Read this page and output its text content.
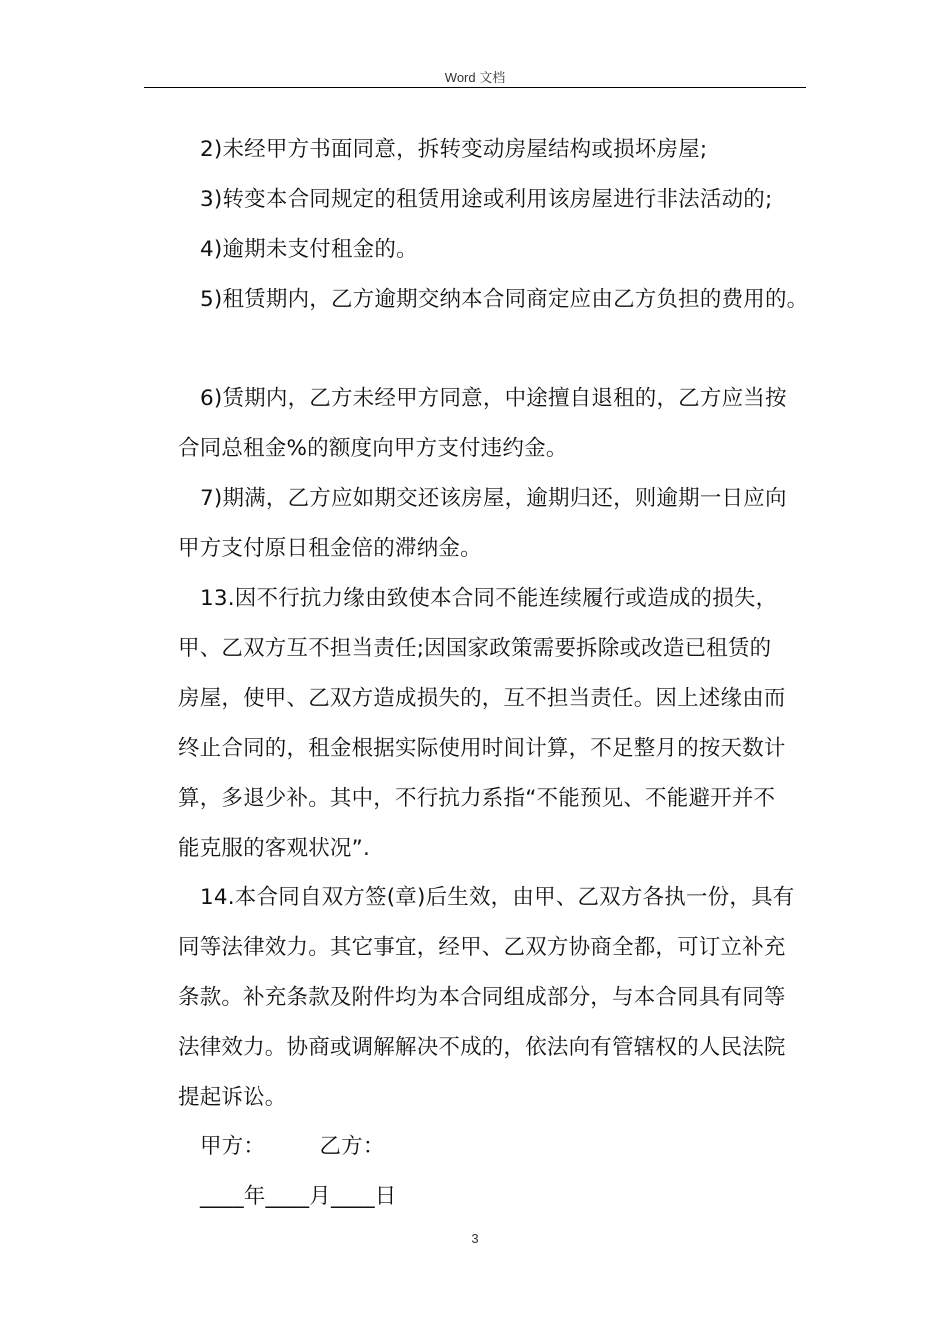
Word 文档
2)未经甲方书面同意，拆转变动房屋结构或损坏房屋;
3)转变本合同规定的租赁用途或利用该房屋进行非法活动的;
4)逾期未支付租金的。
5)租赁期内，乙方逾期交纳本合同商定应由乙方负担的费用的。
6)赁期内，乙方未经甲方同意，中途擅自退租的，乙方应当按
合同总租金%的额度向甲方支付违约金。
7)期满，乙方应如期交还该房屋，逾期归还，则逾期一日应向
甲方支付原日租金倍的滞纳金。
13.因不行抗力缘由致使本合同不能连续履行或造成的损失，
甲、乙双方互不担当责任;因国家政策需要拆除或改造已租赁的
房屋，使甲、乙双方造成损失的，互不担当责任。因上述缘由而
终止合同的，租金根据实际使用时间计算，不足整月的按天数计
算，多退少补。其中，不行抗力系指“不能预见、不能避开并不
能克服的客观状况”.
14.本合同自双方签(章)后生效，由甲、乙双方各执一份，具有
同等法律效力。其它事宜，经甲、乙双方协商全都，可订立补充
条款。补充条款及附件均为本合同组成部分，与本合同具有同等
法律效力。协商或调解解决不成的，依法向有管辖权的人民法院
提起诉讼。
甲方：　　　乙方：
____年____月____日
3
